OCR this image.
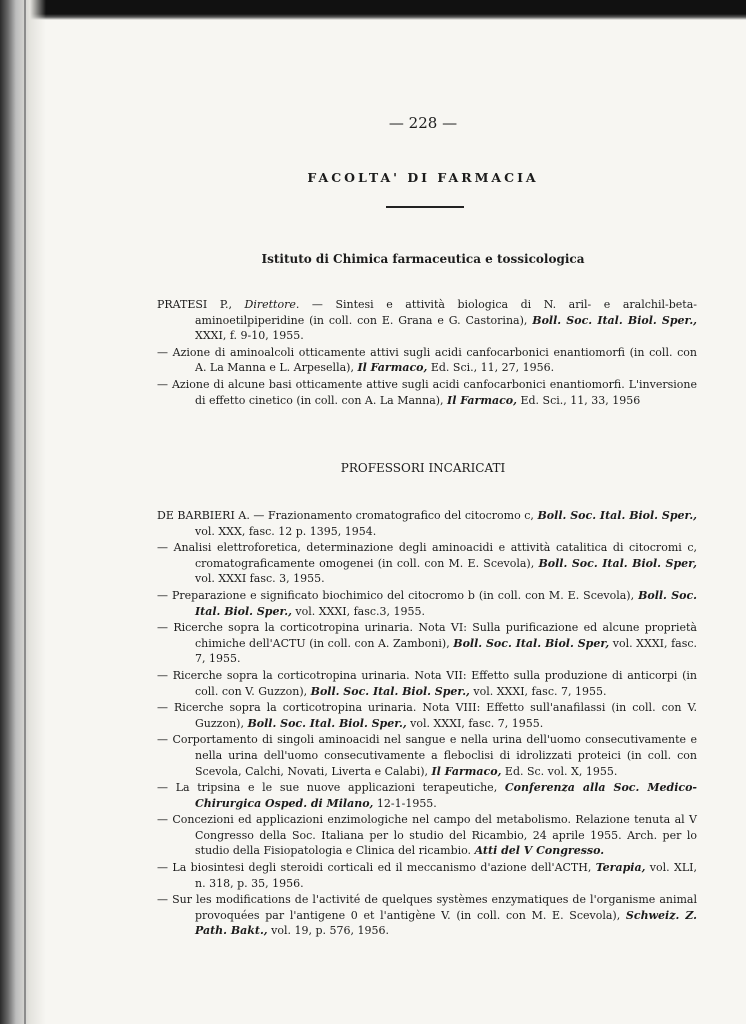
— 228 —
FACOLTA' DI FARMACIA
Istituto di Chimica farmaceutica e tossicologica

PRATESI P., Direttore. — Sintesi e attività biologica di N. aril- e aralchil-beta-aminoetilpiperidine (in coll. con E. Grana e G. Castorina), Boll. Soc. Ital. Biol. Sper., XXXI, f. 9-10, 1955.

— Azione di aminoalcoli otticamente attivi sugli acidi canfocarbonici enantiomorfi (in coll. con A. La Manna e L. Arpesella), Il Farmaco, Ed. Sci., 11, 27, 1956.

— Azione di alcune basi otticamente attive sugli acidi canfocarbonici enantiomorfi. L'inversione di effetto cinetico (in coll. con A. La Manna), Il Farmaco, Ed. Sci., 11, 33, 1956

PROFESSORI INCARICATI

DE BARBIERI A. — Frazionamento cromatografico del citocromo c, Boll. Soc. Ital. Biol. Sper., vol. XXX, fasc. 12 p. 1395, 1954.

— Analisi elettroforetica, determinazione degli aminoacidi e attività catalitica di citocromi c, cromatograficamente omogenei (in coll. con M. E. Scevola), Boll. Soc. Ital. Biol. Sper, vol. XXXI fasc. 3, 1955.

— Preparazione e significato biochimico del citocromo b (in coll. con M. E. Scevola), Boll. Soc. Ital. Biol. Sper., vol. XXXI, fasc.3, 1955.

— Ricerche sopra la corticotropina urinaria. Nota VI: Sulla purificazione ed alcune proprietà chimiche dell'ACTU (in coll. con A. Zamboni), Boll. Soc. Ital. Biol. Sper, vol. XXXI, fasc. 7, 1955.

— Ricerche sopra la corticotropina urinaria. Nota VII: Effetto sulla produzione di anticorpi (in coll. con V. Guzzon), Boll. Soc. Ital. Biol. Sper., vol. XXXI, fasc. 7, 1955.

— Ricerche sopra la corticotropina urinaria. Nota VIII: Effetto sull'anafilassi (in coll. con V. Guzzon), Boll. Soc. Ital. Biol. Sper., vol. XXXI, fasc. 7, 1955.

— Corportamento di singoli aminoacidi nel sangue e nella urina dell'uomo consecutivamente e nella urina dell'uomo consecutivamente a fleboclisi di idrolizzati proteici (in coll. con Scevola, Calchi, Novati, Liverta e Calabi), Il Farmaco, Ed. Sc. vol. X, 1955.

— La tripsina e le sue nuove applicazioni terapeutiche, Conferenza alla Soc. Medico-Chirurgica Osped. di Milano, 12-1-1955.

— Concezioni ed applicazioni enzimologiche nel campo del metabolismo. Relazione tenuta al V Congresso della Soc. Italiana per lo studio del Ricambio, 24 aprile 1955. Arch. per lo studio della Fisiopatologia e Clinica del ricambio. Atti del V Congresso.

— La biosintesi degli steroidi corticali ed il meccanismo d'azione dell'ACTH, Terapia, vol. XLI, n. 318, p. 35, 1956.

— Sur les modifications de l'activité de quelques systèmes enzymatiques de l'organisme animal provoquées par l'antigene 0 et l'antigène V. (in coll. con M. E. Scevola), Schweiz. Z. Path. Bakt., vol. 19, p. 576, 1956.
